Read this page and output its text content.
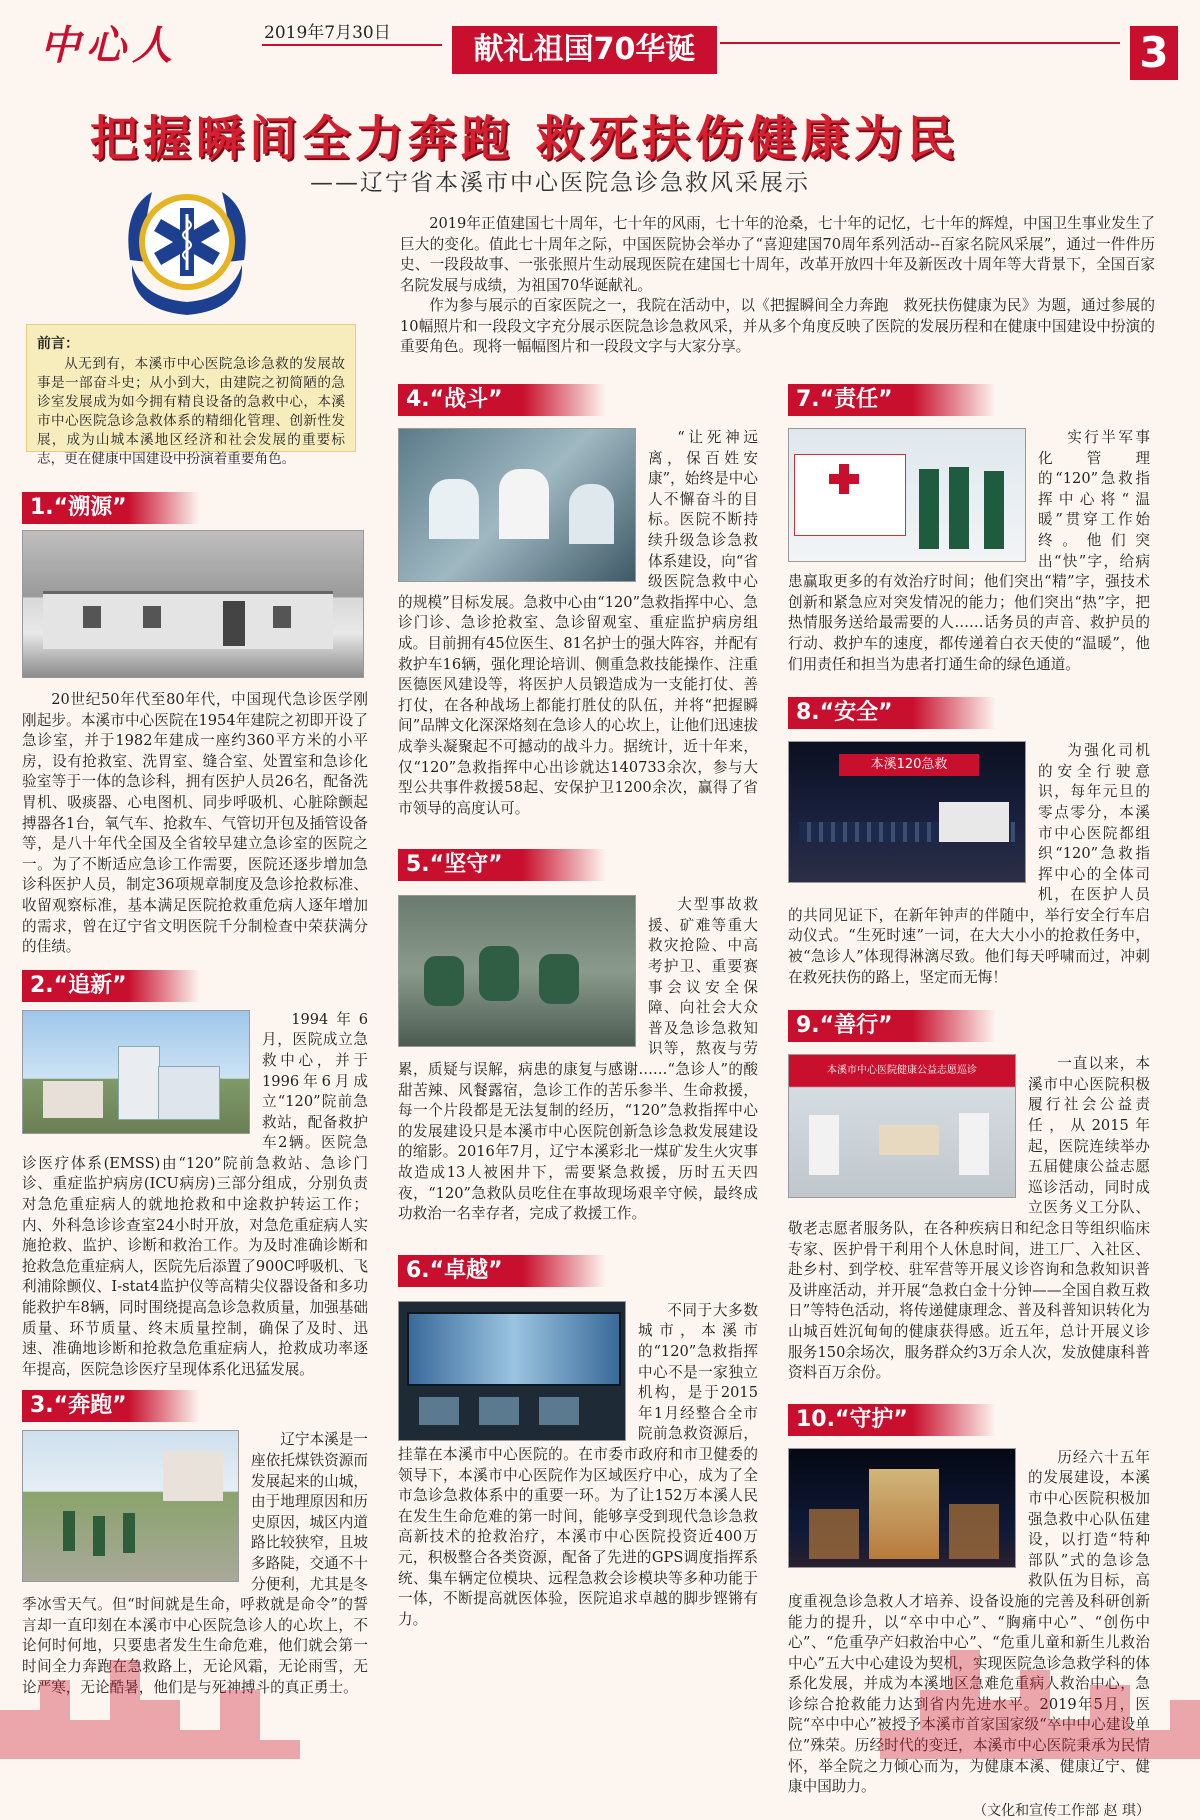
中心人	2019年7月30日	献礼祖国70华诞	3
把握瞬间全力奔跑 救死扶伤健康为民
——辽宁省本溪市中心医院急诊急救风采展示

2019年正值建国七十周年，七十年的风雨，七十年的沧桑，七十年的记忆，七十年的辉煌，中国卫生事业发生了巨大的变化。值此七十周年之际，中国医院协会举办了“喜迎建国70周年系列活动--百家名院风采展”，通过一件件历史、一段段故事、一张张照片生动展现医院在建国七十周年，改革开放四十年及新医改十周年等大背景下，全国百家名院发展与成绩，为祖国70华诞献礼。

作为参与展示的百家医院之一，我院在活动中，以《把握瞬间全力奔跑　救死扶伤健康为民》为题，通过参展的10幅照片和一段段文字充分展示医院急诊急救风采，并从多个角度反映了医院的发展历程和在健康中国建设中扮演的重要角色。现将一幅幅图片和一段段文字与大家分享。

前言：

从无到有，本溪市中心医院急诊急救的发展故事是一部奋斗史；从小到大，由建院之初简陋的急诊室发展成为如今拥有精良设备的急救中心，本溪市中心医院急诊急救体系的精细化管理、创新性发展，成为山城本溪地区经济和社会发展的重要标志，更在健康中国建设中扮演着重要角色。

1.“溯源”

20世纪50年代至80年代，中国现代急诊医学刚刚起步。本溪市中心医院在1954年建院之初即开设了急诊室，并于1982年建成一座约360平方米的小平房，设有抢救室、洗胃室、缝合室、处置室和急诊化验室等于一体的急诊科，拥有医护人员26名，配备洗胃机、吸痰器、心电图机、同步呼吸机、心脏除颤起搏器各1台，氧气车、抢救车、气管切开包及插管设备等，是八十年代全国及全省较早建立急诊室的医院之一。为了不断适应急诊工作需要，医院还逐步增加急诊科医护人员，制定36项规章制度及急诊抢救标准、收留观察标准，基本满足医院抢救重危病人逐年增加的需求，曾在辽宁省文明医院千分制检查中荣获满分的佳绩。

2.“追新”

1994年6月，医院成立急救中心，并于1996年6月成立“120”院前急救站，配备救护车2辆。医院急诊医疗体系(EMSS)由“120”院前急救站、急诊门诊、重症监护病房(ICU病房)三部分组成，分别负责对急危重症病人的就地抢救和中途救护转运工作；内、外科急诊诊查室24小时开放，对急危重症病人实施抢救、监护、诊断和救治工作。为及时准确诊断和抢救急危重症病人，医院先后添置了900C呼吸机、飞利浦除颤仪、I-stat4监护仪等高精尖仪器设备和多功能救护车8辆，同时围绕提高急诊急救质量，加强基础质量、环节质量、终末质量控制，确保了及时、迅速、准确地诊断和抢救急危重症病人，抢救成功率逐年提高，医院急诊医疗呈现体系化迅猛发展。

3.“奔跑”

辽宁本溪是一座依托煤铁资源而发展起来的山城，由于地理原因和历史原因，城区内道路比较狭窄，且坡多路陡，交通不十分便利，尤其是冬季冰雪天气。但“时间就是生命，呼救就是命令”的誓言却一直印刻在本溪市中心医院急诊人的心坎上，不论何时何地，只要患者发生生命危难，他们就会第一时间全力奔跑在急救路上，无论风霜，无论雨雪，无论严寒，无论酷暑，他们是与死神搏斗的真正勇士。

4.“战斗”

“让死神远离，保百姓安康”，始终是中心人不懈奋斗的目标。医院不断持续升级急诊急救体系建设，向“省级医院急救中心的规模”目标发展。急救中心由“120”急救指挥中心、急诊门诊、急诊抢救室、急诊留观室、重症监护病房组成。目前拥有45位医生、81名护士的强大阵容，并配有救护车16辆，强化理论培训、侧重急救技能操作、注重医德医风建设等，将医护人员锻造成为一支能打仗、善打仗，在各种战场上都能打胜仗的队伍，并将“把握瞬间”品牌文化深深烙刻在急诊人的心坎上，让他们迅速拔成拳头凝聚起不可撼动的战斗力。据统计，近十年来，仅“120”急救指挥中心出诊就达140733余次，参与大型公共事件救援58起、安保护卫1200余次，赢得了省市领导的高度认可。

5.“坚守”

大型事故救援、矿难等重大救灾抢险、中高考护卫、重要赛事会议安全保障、向社会大众普及急诊急救知识等，熬夜与劳累，质疑与误解，病患的康复与感谢……“急诊人”的酸甜苦辣、风餐露宿，急诊工作的苦乐参半、生命救援，每一个片段都是无法复制的经历，“120”急救指挥中心的发展建设只是本溪市中心医院创新急诊急救发展建设的缩影。2016年7月，辽宁本溪彩北一煤矿发生火灾事故造成13人被困井下，需要紧急救援，历时五天四夜，“120”急救队员吃住在事故现场艰辛守候，最终成功救治一名幸存者，完成了救援工作。

6.“卓越”

不同于大多数城市，本溪市的“120”急救指挥中心不是一家独立机构，是于2015年1月经整合全市院前急救资源后，挂靠在本溪市中心医院的。在市委市政府和市卫健委的领导下，本溪市中心医院作为区域医疗中心，成为了全市急诊急救体系中的重要一环。为了让152万本溪人民在发生生命危难的第一时间，能够享受到现代急诊急救高新技术的抢救治疗，本溪市中心医院投资近400万元，积极整合各类资源，配备了先进的GPS调度指挥系统、集车辆定位模块、远程急救会诊模块等多种功能于一体，不断提高就医体验，医院追求卓越的脚步铿锵有力。

7.“责任”

实行半军事化管理的“120”急救指挥中心将“温暖”贯穿工作始终。他们突出“快”字，给病患赢取更多的有效治疗时间；他们突出“精”字，强技术创新和紧急应对突发情况的能力；他们突出“热”字，把热情服务送给最需要的人……话务员的声音、救护员的行动、救护车的速度，都传递着白衣天使的“温暖”，他们用责任和担当为患者打通生命的绿色通道。

8.“安全”
本溪120急救

为强化司机的安全行驶意识，每年元旦的零点零分，本溪市中心医院都组织“120”急救指挥中心的全体司机，在医护人员的共同见证下，在新年钟声的伴随中，举行安全行车启动仪式。“生死时速”一词，在大大小小的抢救任务中，被“急诊人”体现得淋漓尽致。他们每天呼啸而过，冲刺在救死扶伤的路上，坚定而无悔！

9.“善行”
本溪市中心医院健康公益志愿巡诊	一直以来，本溪市中心医院积极履行社会公益责任，从2015年起，医院连续举办五届健康公益志愿巡诊活动，同时成立医务义工分队、敬老志愿者服务队，在各种疾病日和纪念日等组织临床专家、医护骨干利用个人休息时间，进工厂、入社区、赴乡村、到学校、驻军营等开展义诊咨询和急救知识普及讲座活动，并开展“急救白金十分钟——全国自救互救日”等特色活动，将传递健康理念、普及科普知识转化为山城百姓沉甸甸的健康获得感。近五年，总计开展义诊服务150余场次，服务群众约3万余人次，发放健康科普资料百万余份。

10.“守护”

历经六十五年的发展建设，本溪市中心医院积极加强急救中心队伍建设，以打造“特种部队”式的急诊急救队伍为目标，高度重视急诊急救人才培养、设备设施的完善及科研创新能力的提升，以“卒中中心”、“胸痛中心”、“创伤中心”、“危重孕产妇救治中心”、“危重儿童和新生儿救治中心”五大中心建设为契机，实现医院急诊急救学科的体系化发展，并成为本溪地区急难危重病人救治中心，急诊综合抢救能力达到省内先进水平。2019年5月，医院“卒中中心”被授予本溪市首家国家级“卒中中心建设单位”殊荣。历经时代的变迁，本溪市中心医院秉承为民情怀，举全院之力倾心而为，为健康本溪、健康辽宁、健康中国助力。

（文化和宣传工作部 赵 琪）
